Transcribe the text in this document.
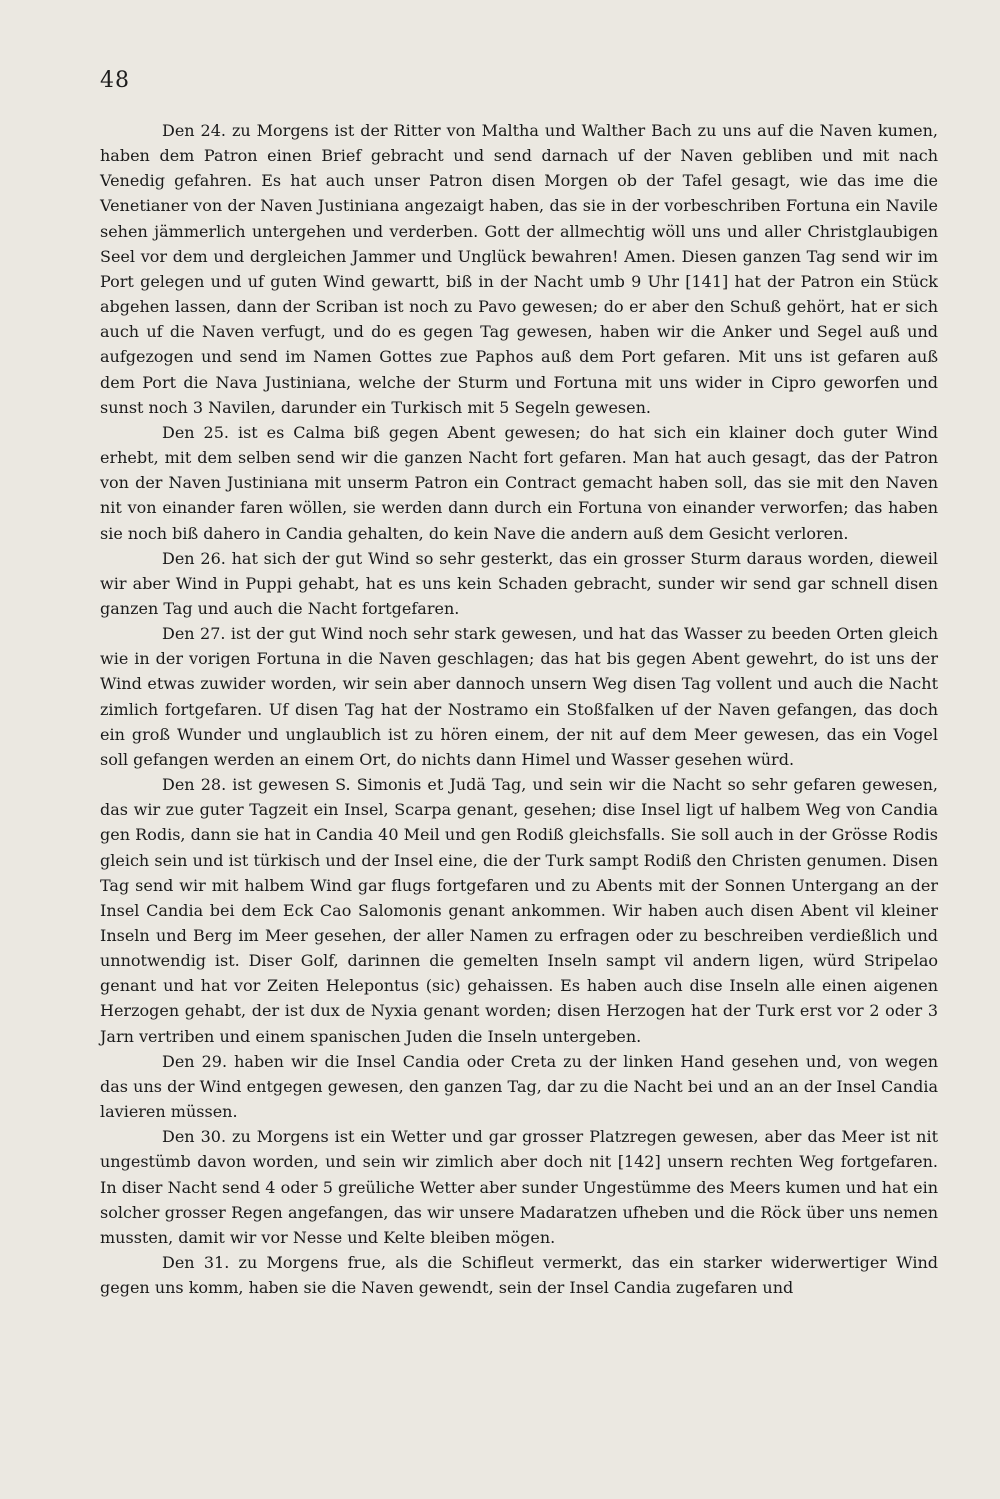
48

Den 24. zu Morgens ist der Ritter von Maltha und Walther Bach zu uns auf die Naven kumen, haben dem Patron einen Brief gebracht und send darnach uf der Naven gebliben und mit nach Venedig gefahren. Es hat auch unser Patron disen Morgen ob der Tafel gesagt, wie das ime die Venetianer von der Naven Justiniana angezaigt haben, das sie in der vorbeschriben Fortuna ein Navile sehen jämmerlich untergehen und verderben. Gott der allmechtig wöll uns und aller Christglaubigen Seel vor dem und dergleichen Jammer und Unglück bewahren! Amen. Diesen ganzen Tag send wir im Port gelegen und uf guten Wind gewartt, biß in der Nacht umb 9 Uhr [141] hat der Patron ein Stück abgehen lassen, dann der Scriban ist noch zu Pavo gewesen; do er aber den Schuß gehört, hat er sich auch uf die Naven verfugt, und do es gegen Tag gewesen, haben wir die Anker und Segel auß und aufgezogen und send im Namen Gottes zue Paphos auß dem Port gefaren. Mit uns ist gefaren auß dem Port die Nava Justiniana, welche der Sturm und Fortuna mit uns wider in Cipro geworfen und sunst noch 3 Navilen, darunder ein Turkisch mit 5 Segeln gewesen.

Den 25. ist es Calma biß gegen Abent gewesen; do hat sich ein klainer doch guter Wind erhebt, mit dem selben send wir die ganzen Nacht fort gefaren. Man hat auch gesagt, das der Patron von der Naven Justiniana mit unserm Patron ein Contract gemacht haben soll, das sie mit den Naven nit von einander faren wöllen, sie werden dann durch ein Fortuna von einander verworfen; das haben sie noch biß dahero in Candia gehalten, do kein Nave die andern auß dem Gesicht verloren.

Den 26. hat sich der gut Wind so sehr gesterkt, das ein grosser Sturm daraus worden, dieweil wir aber Wind in Puppi gehabt, hat es uns kein Schaden gebracht, sunder wir send gar schnell disen ganzen Tag und auch die Nacht fortgefaren.

Den 27. ist der gut Wind noch sehr stark gewesen, und hat das Wasser zu beeden Orten gleich wie in der vorigen Fortuna in die Naven geschlagen; das hat bis gegen Abent gewehrt, do ist uns der Wind etwas zuwider worden, wir sein aber dannoch unsern Weg disen Tag vollent und auch die Nacht zimlich fortgefaren. Uf disen Tag hat der Nostramo ein Stoßfalken uf der Naven gefangen, das doch ein groß Wunder und unglaublich ist zu hören einem, der nit auf dem Meer gewesen, das ein Vogel soll gefangen werden an einem Ort, do nichts dann Himel und Wasser gesehen würd.

Den 28. ist gewesen S. Simonis et Judä Tag, und sein wir die Nacht so sehr gefaren gewesen, das wir zue guter Tagzeit ein Insel, Scarpa genant, gesehen; dise Insel ligt uf halbem Weg von Candia gen Rodis, dann sie hat in Candia 40 Meil und gen Rodiß gleichsfalls. Sie soll auch in der Grösse Rodis gleich sein und ist türkisch und der Insel eine, die der Turk sampt Rodiß den Christen genumen. Disen Tag send wir mit halbem Wind gar flugs fortgefaren und zu Abents mit der Sonnen Untergang an der Insel Candia bei dem Eck Cao Salomonis genant ankommen. Wir haben auch disen Abent vil kleiner Inseln und Berg im Meer gesehen, der aller Namen zu erfragen oder zu beschreiben verdießlich und unnotwendig ist. Diser Golf, darinnen die gemelten Inseln sampt vil andern ligen, würd Stripelao genant und hat vor Zeiten Helepontus (sic) gehaissen. Es haben auch dise Inseln alle einen aigenen Herzogen gehabt, der ist dux de Nyxia genant worden; disen Herzogen hat der Turk erst vor 2 oder 3 Jarn vertriben und einem spanischen Juden die Inseln untergeben.

Den 29. haben wir die Insel Candia oder Creta zu der linken Hand gesehen und, von wegen das uns der Wind entgegen gewesen, den ganzen Tag, dar zu die Nacht bei und an an der Insel Candia lavieren müssen.

Den 30. zu Morgens ist ein Wetter und gar grosser Platzregen gewesen, aber das Meer ist nit ungestümb davon worden, und sein wir zimlich aber doch nit [142] unsern rechten Weg fortgefaren. In diser Nacht send 4 oder 5 greüliche Wetter aber sunder Ungestümme des Meers kumen und hat ein solcher grosser Regen angefangen, das wir unsere Madaratzen ufheben und die Röck über uns nemen mussten, damit wir vor Nesse und Kelte bleiben mögen.

Den 31. zu Morgens frue, als die Schifleut vermerkt, das ein starker widerwertiger Wind gegen uns komm, haben sie die Naven gewendt, sein der Insel Candia zugefaren und
